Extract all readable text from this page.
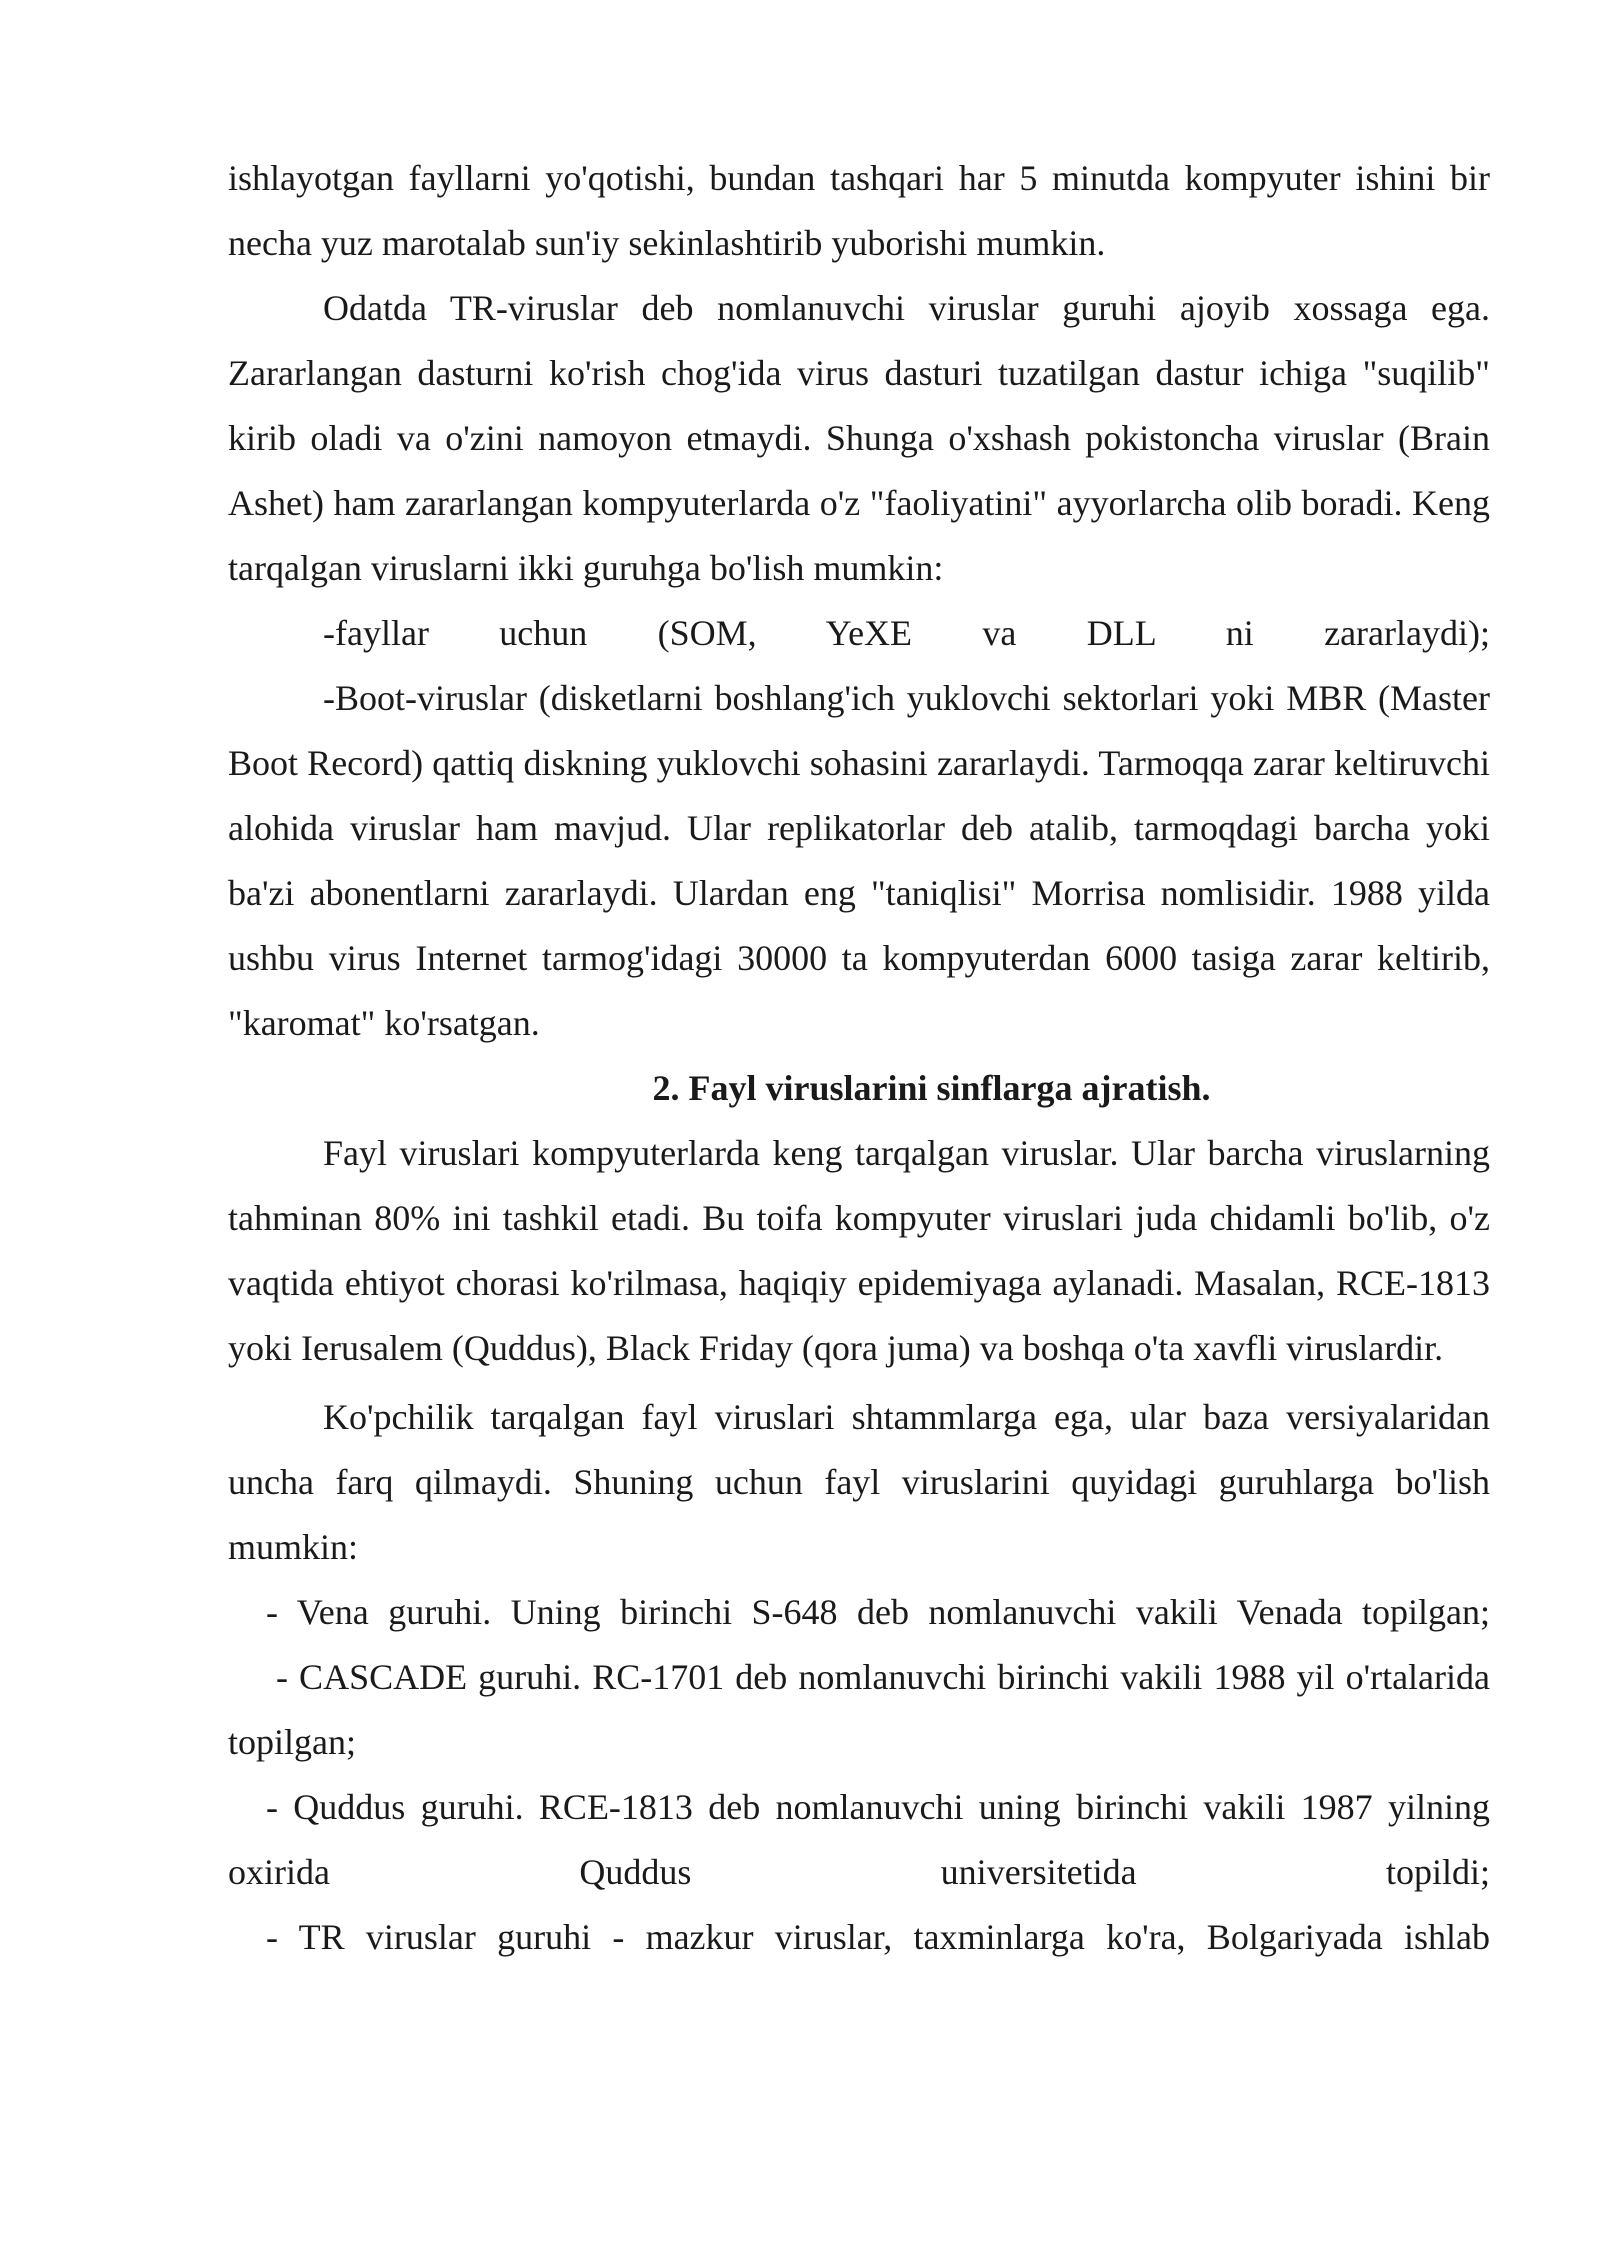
ishlayotgan fayllarni yo'qotishi, bundan tashqari har 5 minutda kompyuter ishini bir necha yuz marotalab sun'iy sekinlashtirib yuborishi mumkin.

Odatda TR-viruslar deb nomlanuvchi viruslar guruhi ajoyib xossaga ega. Zararlangan dasturni ko'rish chog'ida virus dasturi tuzatilgan dastur ichiga "suqilib" kirib oladi va o'zini namoyon etmaydi. Shunga o'xshash pokistoncha viruslar (Brain Ashet) ham zararlangan kompyuterlarda o'z "faoliyatini" ayyorlarcha olib boradi. Keng tarqalgan viruslarni ikki guruhga bo'lish mumkin:

-fayllar uchun (SOM, YeXE va DLL ni zararlaydi);

-Boot-viruslar (disketlarni boshlang'ich yuklovchi sektorlari yoki MBR (Master Boot Record) qattiq diskning yuklovchi sohasini zararlaydi. Tarmoqqa zarar keltiruvchi alohida viruslar ham mavjud. Ular replikatorlar deb atalib, tarmoqdagi barcha yoki ba'zi abonentlarni zararlaydi. Ulardan eng "taniqlisi" Morrisa nomlisidir. 1988 yilda ushbu virus Internet tarmog'idagi 30000 ta kompyuterdan 6000 tasiga zarar keltirib, "karomat" ko'rsatgan.

2. Fayl viruslarini sinflarga ajratish.

Fayl viruslari kompyuterlarda keng tarqalgan viruslar. Ular barcha viruslarning tahminan 80% ini tashkil etadi. Bu toifa kompyuter viruslari juda chidamli bo'lib, o'z vaqtida ehtiyot chorasi ko'rilmasa, haqiqiy epidemiyaga aylanadi. Masalan, RCE-1813 yoki Ierusalem (Quddus), Black Friday (qora juma) va boshqa o'ta xavfli viruslardir.

Ko'pchilik tarqalgan fayl viruslari shtammlarga ega, ular baza versiyalaridan uncha farq qilmaydi. Shuning uchun fayl viruslarini quyidagi guruhlarga bo'lish mumkin:

- Vena guruhi. Uning birinchi S-648 deb nomlanuvchi vakili Venada topilgan;

- CASCADE guruhi. RC-1701 deb nomlanuvchi birinchi vakili 1988 yil o'rtalarida topilgan;

- Quddus guruhi. RCE-1813 deb nomlanuvchi uning birinchi vakili 1987 yilning oxirida Quddus universitetida topildi;

- TR viruslar guruhi - mazkur viruslar, taxminlarga ko'ra, Bolgariyada ishlab
